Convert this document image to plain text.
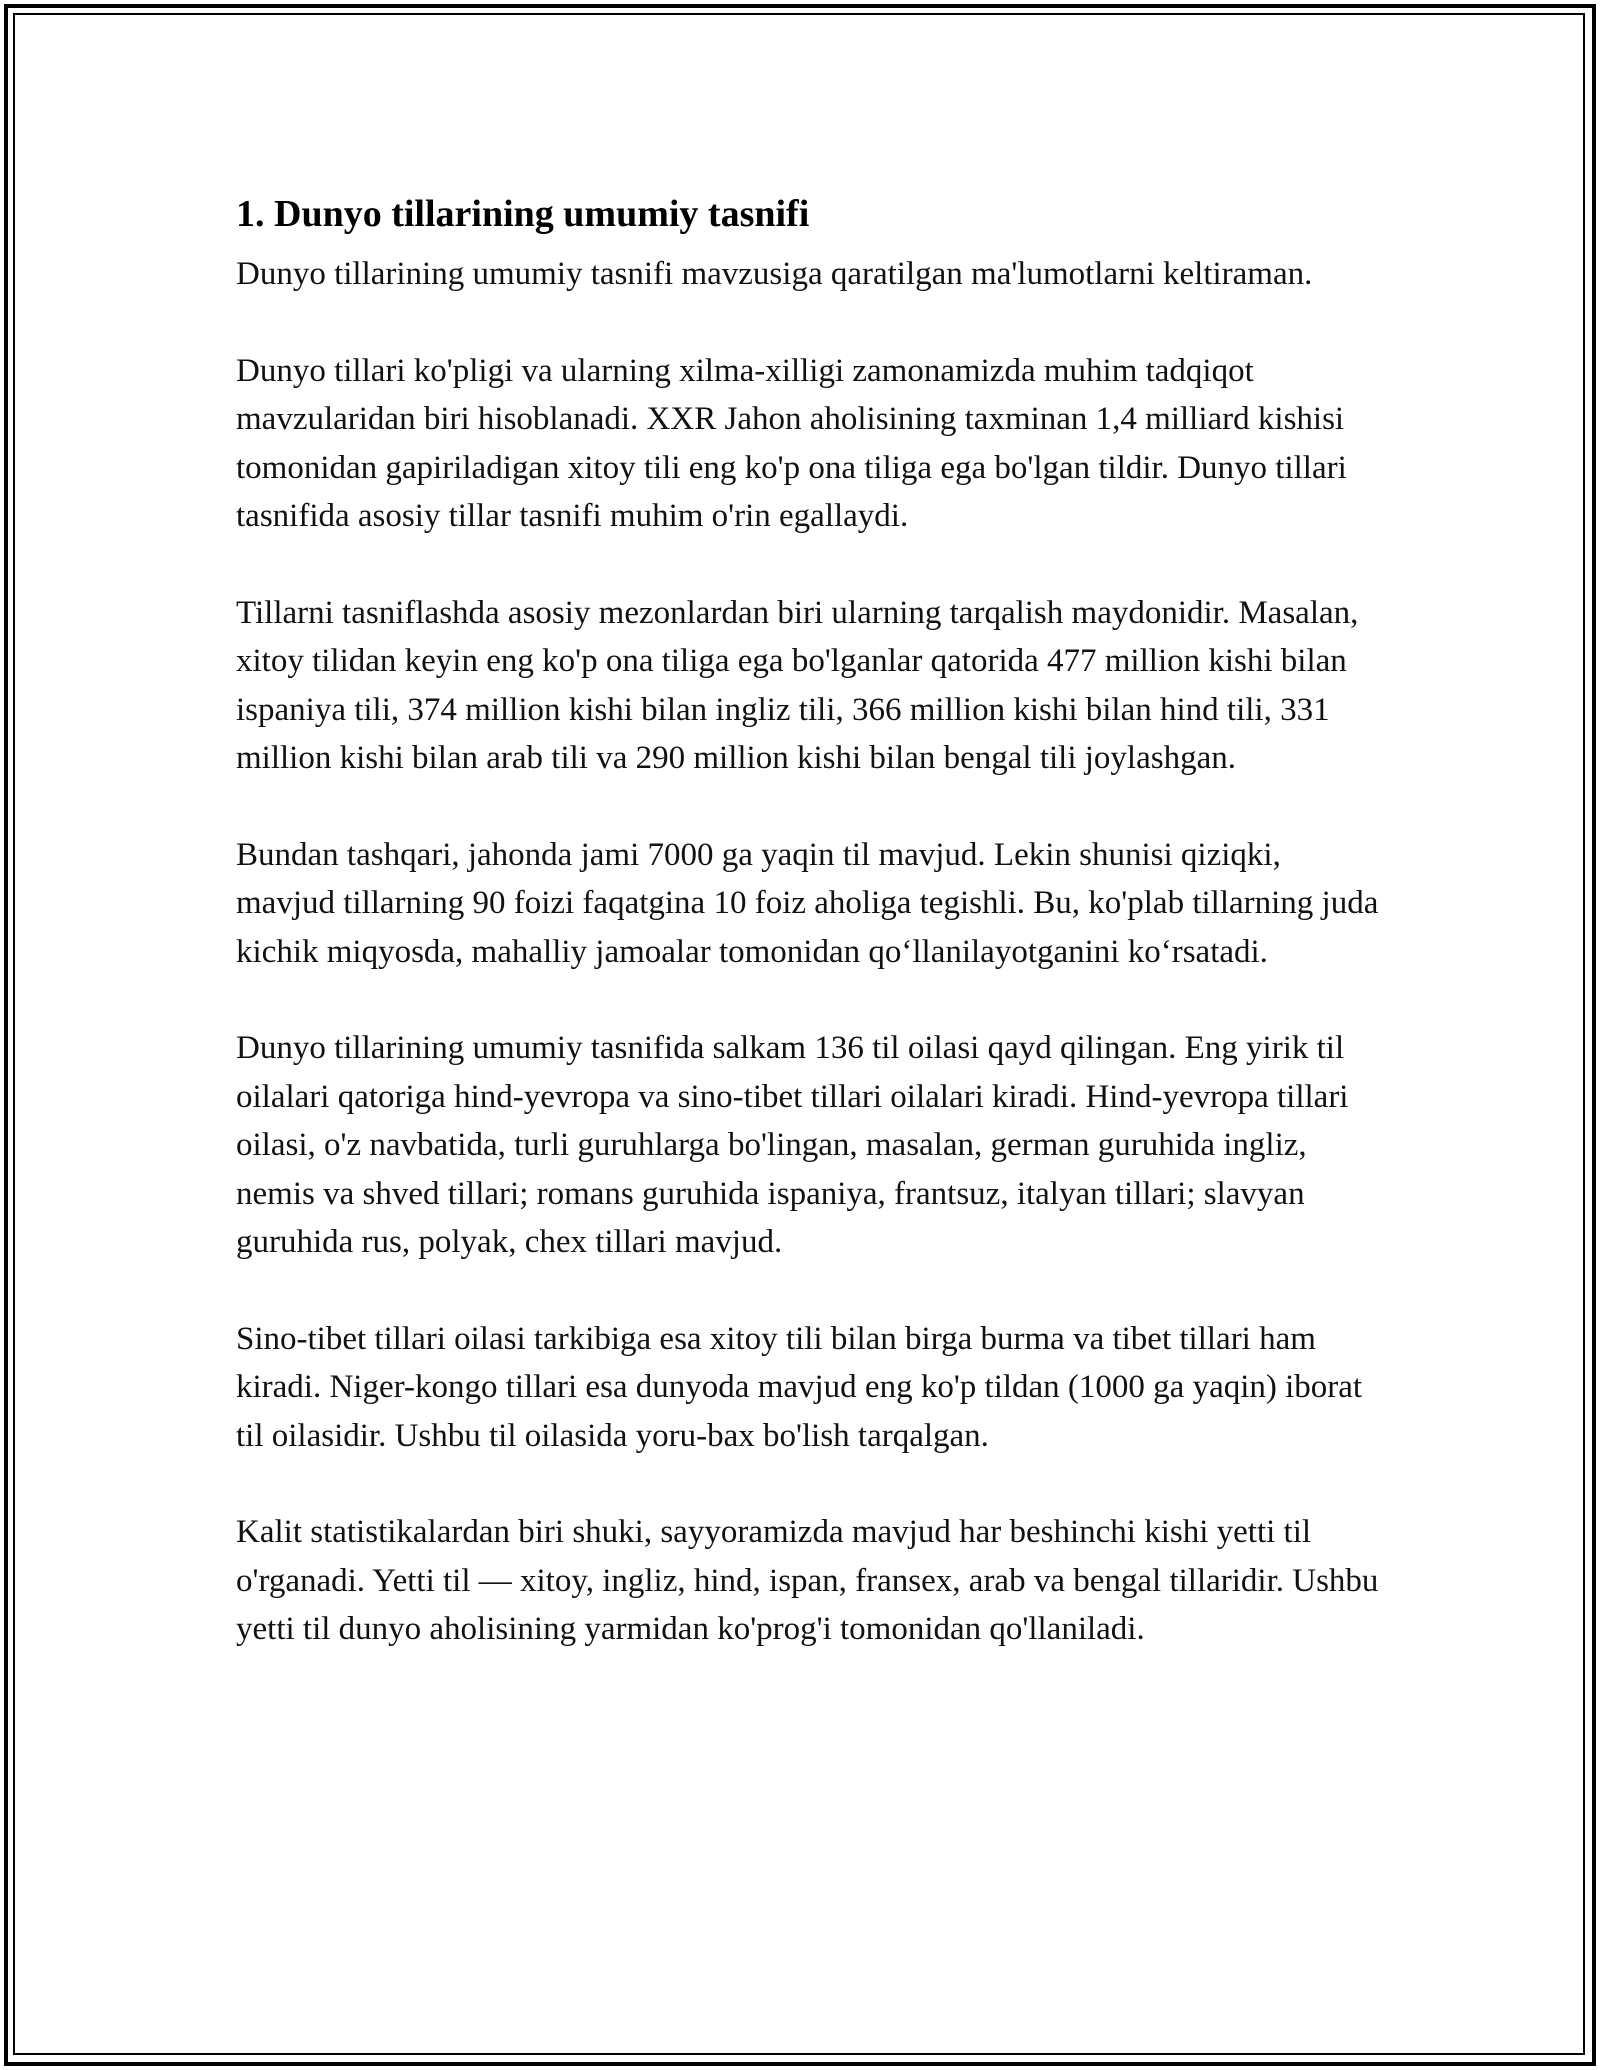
1. Dunyo tillarining umumiy tasnifi

Dunyo tillarining umumiy tasnifi mavzusiga qaratilgan ma'lumotlarni keltiraman.

Dunyo tillari ko'pligi va ularning xilma-xilligi zamonamizda muhim tadqiqot mavzularidan biri hisoblanadi. XXR Jahon aholisining taxminan 1,4 milliard kishisi tomonidan gapiriladigan xitoy tili eng ko'p ona tiliga ega bo'lgan tildir. Dunyo tillari tasnifida asosiy tillar tasnifi muhim o'rin egallaydi.

Tillarni tasniflashda asosiy mezonlardan biri ularning tarqalish maydonidir. Masalan, xitoy tilidan keyin eng ko'p ona tiliga ega bo'lganlar qatorida 477 million kishi bilan ispaniya tili, 374 million kishi bilan ingliz tili, 366 million kishi bilan hind tili, 331 million kishi bilan arab tili va 290 million kishi bilan bengal tili joylashgan.

Bundan tashqari, jahonda jami 7000 ga yaqin til mavjud. Lekin shunisi qiziqki, mavjud tillarning 90 foizi faqatgina 10 foiz aholiga tegishli. Bu, ko'plab tillarning juda kichik miqyosda, mahalliy jamoalar tomonidan qo‘llanilayotganini ko‘rsatadi.

Dunyo tillarining umumiy tasnifida salkam 136 til oilasi qayd qilingan. Eng yirik til oilalari qatoriga hind-yevropa va sino-tibet tillari oilalari kiradi. Hind-yevropa tillari oilasi, o'z navbatida, turli guruhlarga bo'lingan, masalan, german guruhida ingliz, nemis va shved tillari; romans guruhida ispaniya, frantsuz, italyan tillari; slavyan guruhida rus, polyak, chex tillari mavjud.

Sino-tibet tillari oilasi tarkibiga esa xitoy tili bilan birga burma va tibet tillari ham kiradi. Niger-kongo tillari esa dunyoda mavjud eng ko'p tildan (1000 ga yaqin) iborat til oilasidir. Ushbu til oilasida yoru-bax bo'lish tarqalgan.

Kalit statistikalardan biri shuki, sayyoramizda mavjud har beshinchi kishi yetti til o'rganadi. Yetti til — xitoy, ingliz, hind, ispan, fransex, arab va bengal tillaridir. Ushbu yetti til dunyo aholisining yarmidan ko'prog'i tomonidan qo'llaniladi.
